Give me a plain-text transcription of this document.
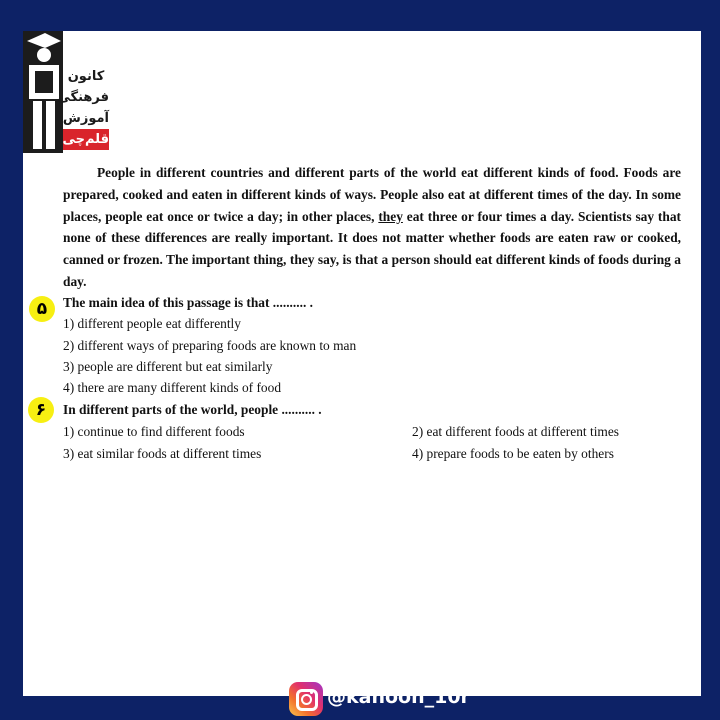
کانون
فرهنگی
آموزش
قلم‌چی

People in different countries and different parts of the world eat different kinds of food. Foods are prepared, cooked and eaten in different kinds of ways. People also eat at different times of the day. In some places, people eat once or twice a day; in other places, they eat three or four times a day. Scientists say that none of these differences are really important. It does not matter whether foods are eaten raw or cooked, canned or frozen. The important thing, they say, is that a person should eat different kinds of foods during a day.

۵	The main idea of this passage is that .......... .
1) different people eat differently
2) different ways of preparing foods are known to man
3) people are different but eat similarly
4) there are many different kinds of food
۶	In different parts of the world, people .......... .
1) continue to find different foods	2) eat different foods at different times
3) eat similar foods at different times	4) prepare foods to be eaten by others
@kanoon_10r
